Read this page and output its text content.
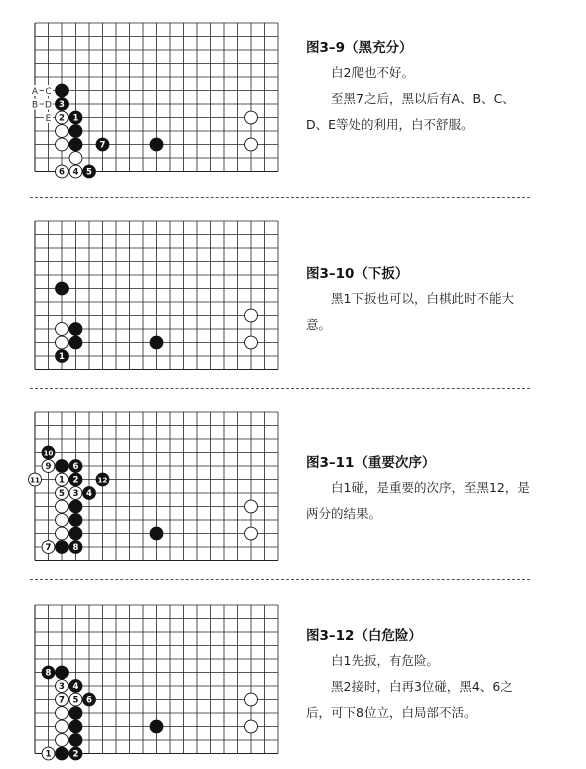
3
2 1
7
6 4 5
C
A
B D
E
图3–9（黑充分）

白2爬也不好。

至黑7之后，黑以后有A、B、C、D、E等处的利用，白不舒服。

1
图3–10（下扳）

黑1下扳也可以，白棋此时不能大意。

10
9 6
11 1 2	12
5 3 4
7 8
图3–11（重要次序）

白1碰，是重要的次序，至黑12，是两分的结果。

8
3 4
7 5 6
1 2
图3–12（白危险）

白1先扳，有危险。

黑2接时，白再3位碰，黑4、6之后，可下8位立，白局部不活。
